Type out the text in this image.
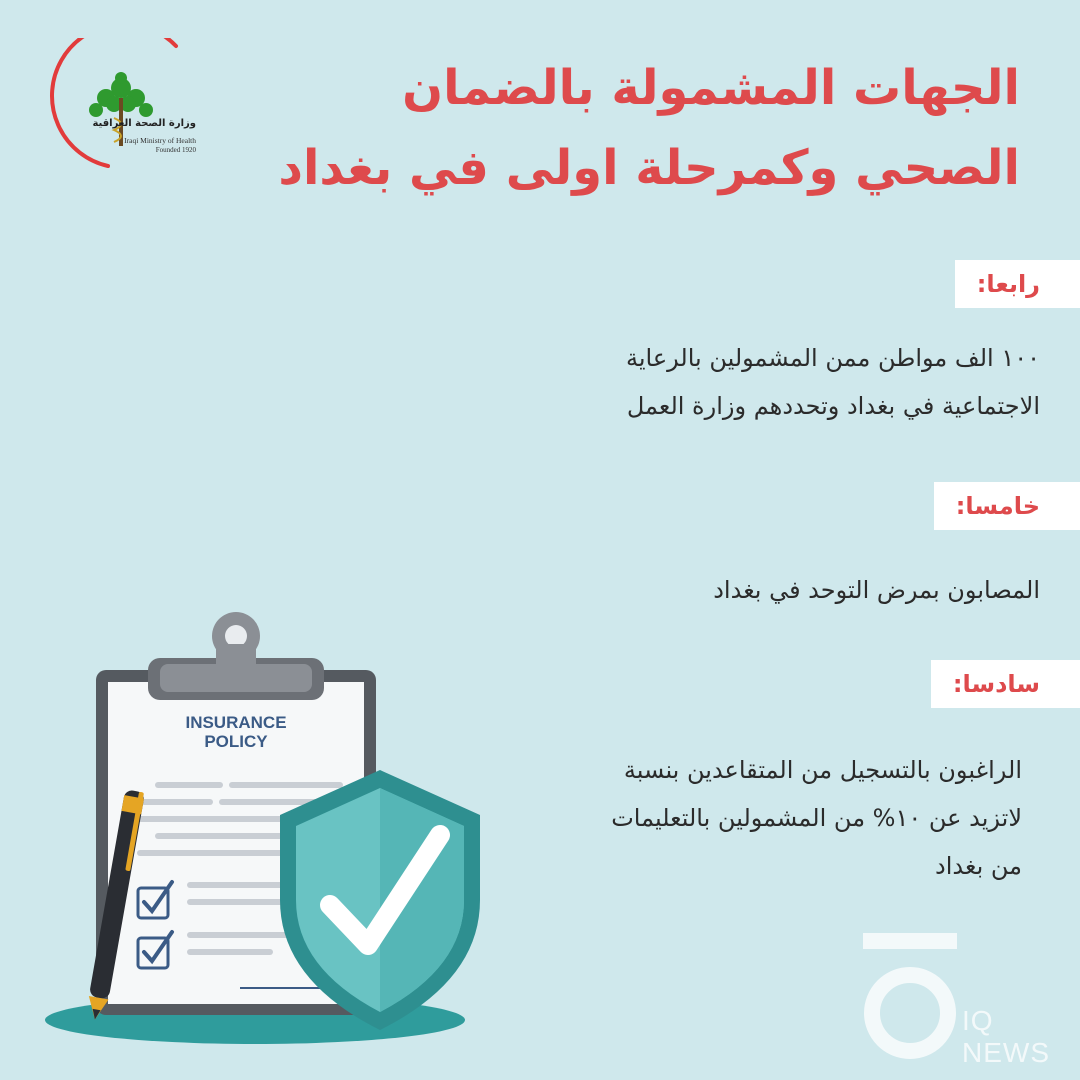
وزارة الصحة العراقية
Iraqi Ministry of Health
Founded 1920
الجهات المشمولة بالضمان
الصحي وكمرحلة اولى في بغداد
رابعا:
١٠٠ الف مواطن ممن المشمولين بالرعاية
الاجتماعية في بغداد وتحددهم وزارة العمل
خامسا:
المصابون بمرض التوحد في بغداد
سادسا:
الراغبون بالتسجيل من المتقاعدين بنسبة
لاتزيد عن ١٠% من المشمولين بالتعليمات
من بغداد
INSURANCE
POLICY
IQ NEWS
